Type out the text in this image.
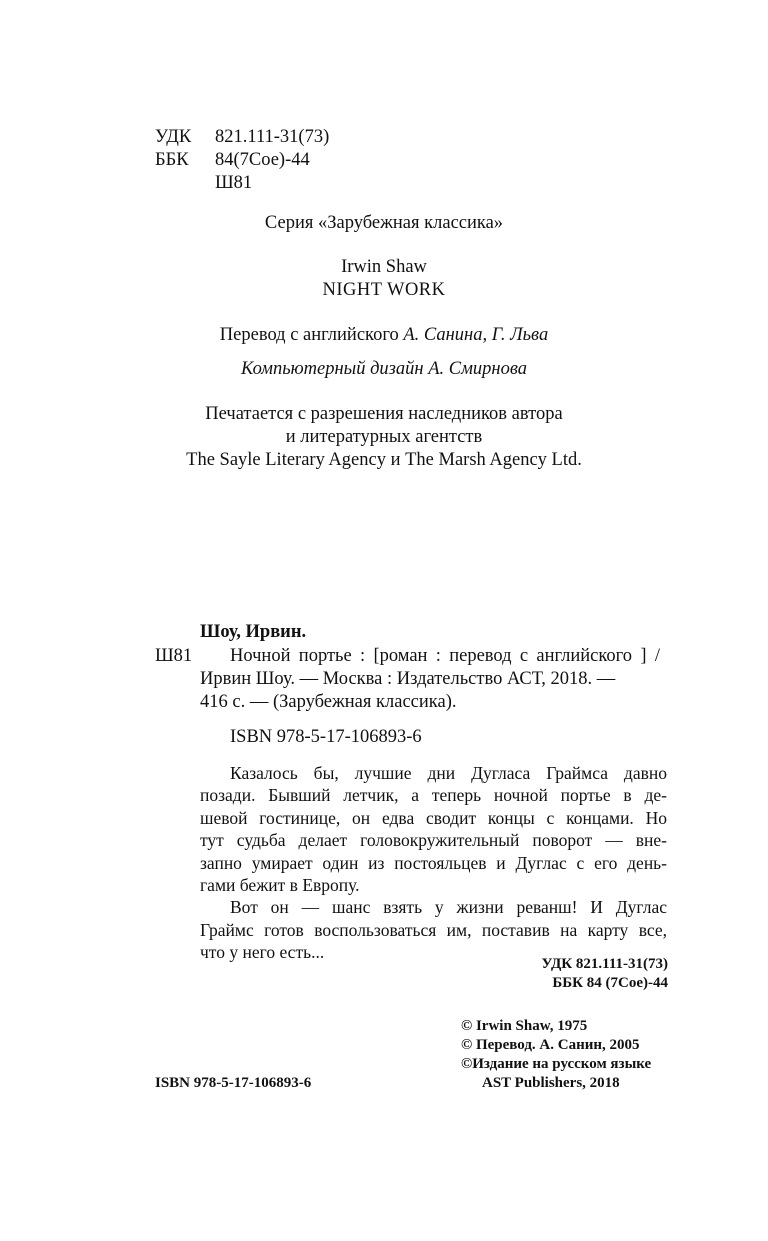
УДК 821.111-31(73)
ББК 84(7Сое)-44
Ш81
Серия «Зарубежная классика»
Irwin Shaw
NIGHT WORK
Перевод с английского А. Санина, Г. Льва
Компьютерный дизайн А. Смирнова
Печатается с разрешения наследников автора
и литературных агентств
The Sayle Literary Agency и The Marsh Agency Ltd.
Шоу, Ирвин.
Ш81 Ночной портье : [роман : перевод с английского ] /
Ирвин Шоу. — Москва : Издательство АСТ, 2018. —
416 с. — (Зарубежная классика).
ISBN 978-5-17-106893-6

Казалось бы, лучшие дни Дугласа Граймса давно

позади. Бывший летчик, а теперь ночной портье в де-

шевой гостинице, он едва сводит концы с концами. Но

тут судьба делает головокружительный поворот — вне-

запно умирает один из постояльцев и Дуглас с его день-

гами бежит в Европу.

Вот он — шанс взять у жизни реванш! И Дуглас

Граймс готов воспользоваться им, поставив на карту все,

что у него есть...

УДК 821.111-31(73)
ББК 84 (7Сое)-44
© Irwin Shaw, 1975
© Перевод. А. Санин, 2005
©Издание на русском языке
AST Publishers, 2018
ISBN 978-5-17-106893-6
